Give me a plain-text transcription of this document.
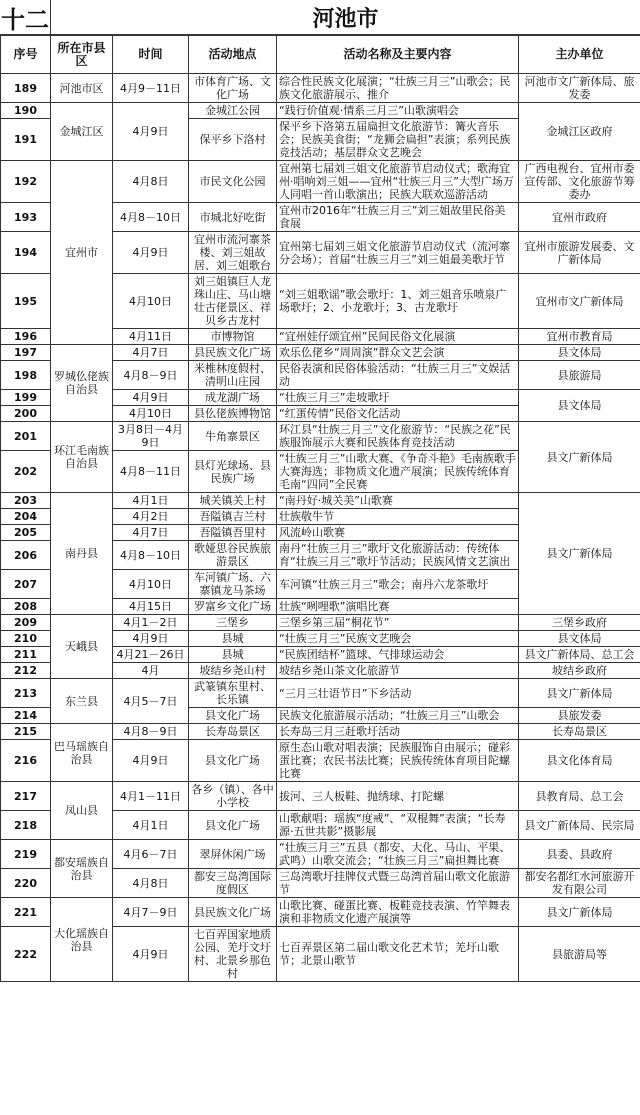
十二	河池市
序号	所在市县区	时间	活动地点	活动名称及主要内容	主办单位
189	河池市区	4月9－11日	市体育广场、文化广场	综合性民族文化展演；“壮族三月三”山歌会；民族文化旅游展示、推介	河池市文广新体局、旅发委
190	金城江区	4月9日	金城江公园	“践行价值观·情系三月三”山歌演唱会	金城江区政府
191			保平乡下洛村	保平乡下洛第五届扁担文化旅游节：篝火音乐会；民族美食街；“龙狮会扁担”表演；系列民族竞技活动；基层群众文艺晚会	
192	宜州市	4月8日	市民文化公园	宜州第七届刘三姐文化旅游节启动仪式；歌海宜州·唱响刘三姐——宜州“壮族三月三”大型广场万人同唱一首山歌演出；民族大联欢巡游活动	广西电视台、宜州市委宣传部、文化旅游节筹委办
193		4月8－10日	市城北好吃街	宜州市2016年“壮族三月三”刘三姐故里民俗美食展	宜州市政府
194		4月9日	宜州市流河寨茶楼、刘三姐故居、刘三姐歌台	宜州第七届刘三姐文化旅游节启动仪式（流河寨分会场）；首届“壮族三月三”刘三姐最美歌圩节	宜州市旅游发展委、文广新体局
195		4月10日	刘三姐镇巨人龙珠山庄、马山塘壮古佬景区、祥贝乡古龙村	“刘三姐歌谣”歌会歌圩：1、刘三姐音乐喷泉广场歌圩；2、小龙歌圩；3、古龙歌圩	宜州市文广新体局
196		4月11日	市博物馆	“宜州娃仔颂宜州”民间民俗文化展演	宜州市教育局
197	罗城仫佬族自治县	4月7日	县民族文化广场	欢乐仫佬乡“周周演”群众文艺会演	县文体局
198		4月8－9日	米椎林度假村、清明山庄园	民俗表演和民俗体验活动：“壮族三月三”文娱活动	县旅游局
199		4月9日	成龙湖广场	“壮族三月三”走坡歌圩	县文体局
200		4月10日	县仫佬族博物馆	“红蛋传情”民俗文化活动	
201	环江毛南族自治县	3月8日－4月9日	牛角寨景区	环江县“壮族三月三”文化旅游节：“民族之花”民族服饰展示大赛和民族体育竞技活动	县文广新体局
202		4月8－11日	县灯光球场、县民族广场	“壮族三月三”山歌大赛、《争奇斗艳》毛南族歌手大赛海选；非物质文化遗产展演；民族传统体育毛南“四同”全民赛	
203	南丹县	4月1日	城关镇关上村	“南丹好·城关美”山歌赛	县文广新体局
204		4月2日	吾隘镇吉兰村	壮族敬牛节	
205		4月7日	吾隘镇吾里村	风流岭山歌赛	
206		4月8－10日	歌娅思谷民族旅游景区	南丹“壮族三月三”歌圩文化旅游活动：传统体育“壮族三月三”歌圩节活动；民族风情文艺演出	
207		4月10日	车河镇广场、六寨镇龙马茶场	车河镇“壮族三月三”歌会；南丹六龙茶歌圩	
208		4月15日	罗富乡文化广场	壮族“咧哩歌”演唱比赛	
209	天峨县	4月1－2日	三堡乡	三堡乡第三届“桐花节”	三堡乡政府
210		4月9日	县城	“壮族三月三”民族文艺晚会	县文体局
211		4月21－26日	县城	“民族团结杯”篮球、气排球运动会	县文广新体局、总工会
212		4月	坡结乡尧山村	坡结乡尧山茶文化旅游节	坡结乡政府
213	东兰县	4月5－7日	武篆镇东里村、长乐镇	“三月三壮语节日”下乡活动	县文广新体局
214			县文化广场	民族文化旅游展示活动；“壮族三月三”山歌会	县旅发委
215	巴马瑶族自治县	4月8－9日	长寿岛景区	长寿岛三月三赶歌圩活动	长寿岛景区
216		4月9日	县文化广场	原生态山歌对唱表演；民族服饰自由展示；碰彩蛋比赛；农民书法比赛；民族传统体育项目陀螺比赛	县文化体育局
217	凤山县	4月1－11日	各乡（镇）、各中小学校	拔河、三人板鞋、抛绣球、打陀螺	县教育局、总工会
218		4月1日	县文化广场	山歌献唱：瑶族“度戒”、“双棍舞”表演；“长寿源·五世共影”摄影展	县文广新体局、民宗局
219	都安瑶族自治县	4月6－7日	翠屏休闲广场	“壮族三月三”五县（都安、大化、马山、平果、武鸣）山歌交流会；“壮族三月三”扁担舞比赛	县委、县政府
220		4月8日	都安三岛湾国际度假区	三岛湾歌圩挂牌仪式暨三岛湾首届山歌文化旅游节	都安名都红水河旅游开发有限公司
221	大化瑶族自治县	4月7－9日	县民族文化广场	山歌比赛、碰蛋比赛、板鞋竞技表演、竹竿舞表演和非物质文化遗产展演等	县文广新体局
222		4月9日	七百弄国家地质公园、羌圩文圩村、北景乡那色村	七百弄景区第二届山歌文化艺术节；羌圩山歌节；北景山歌节	县旅游局等
